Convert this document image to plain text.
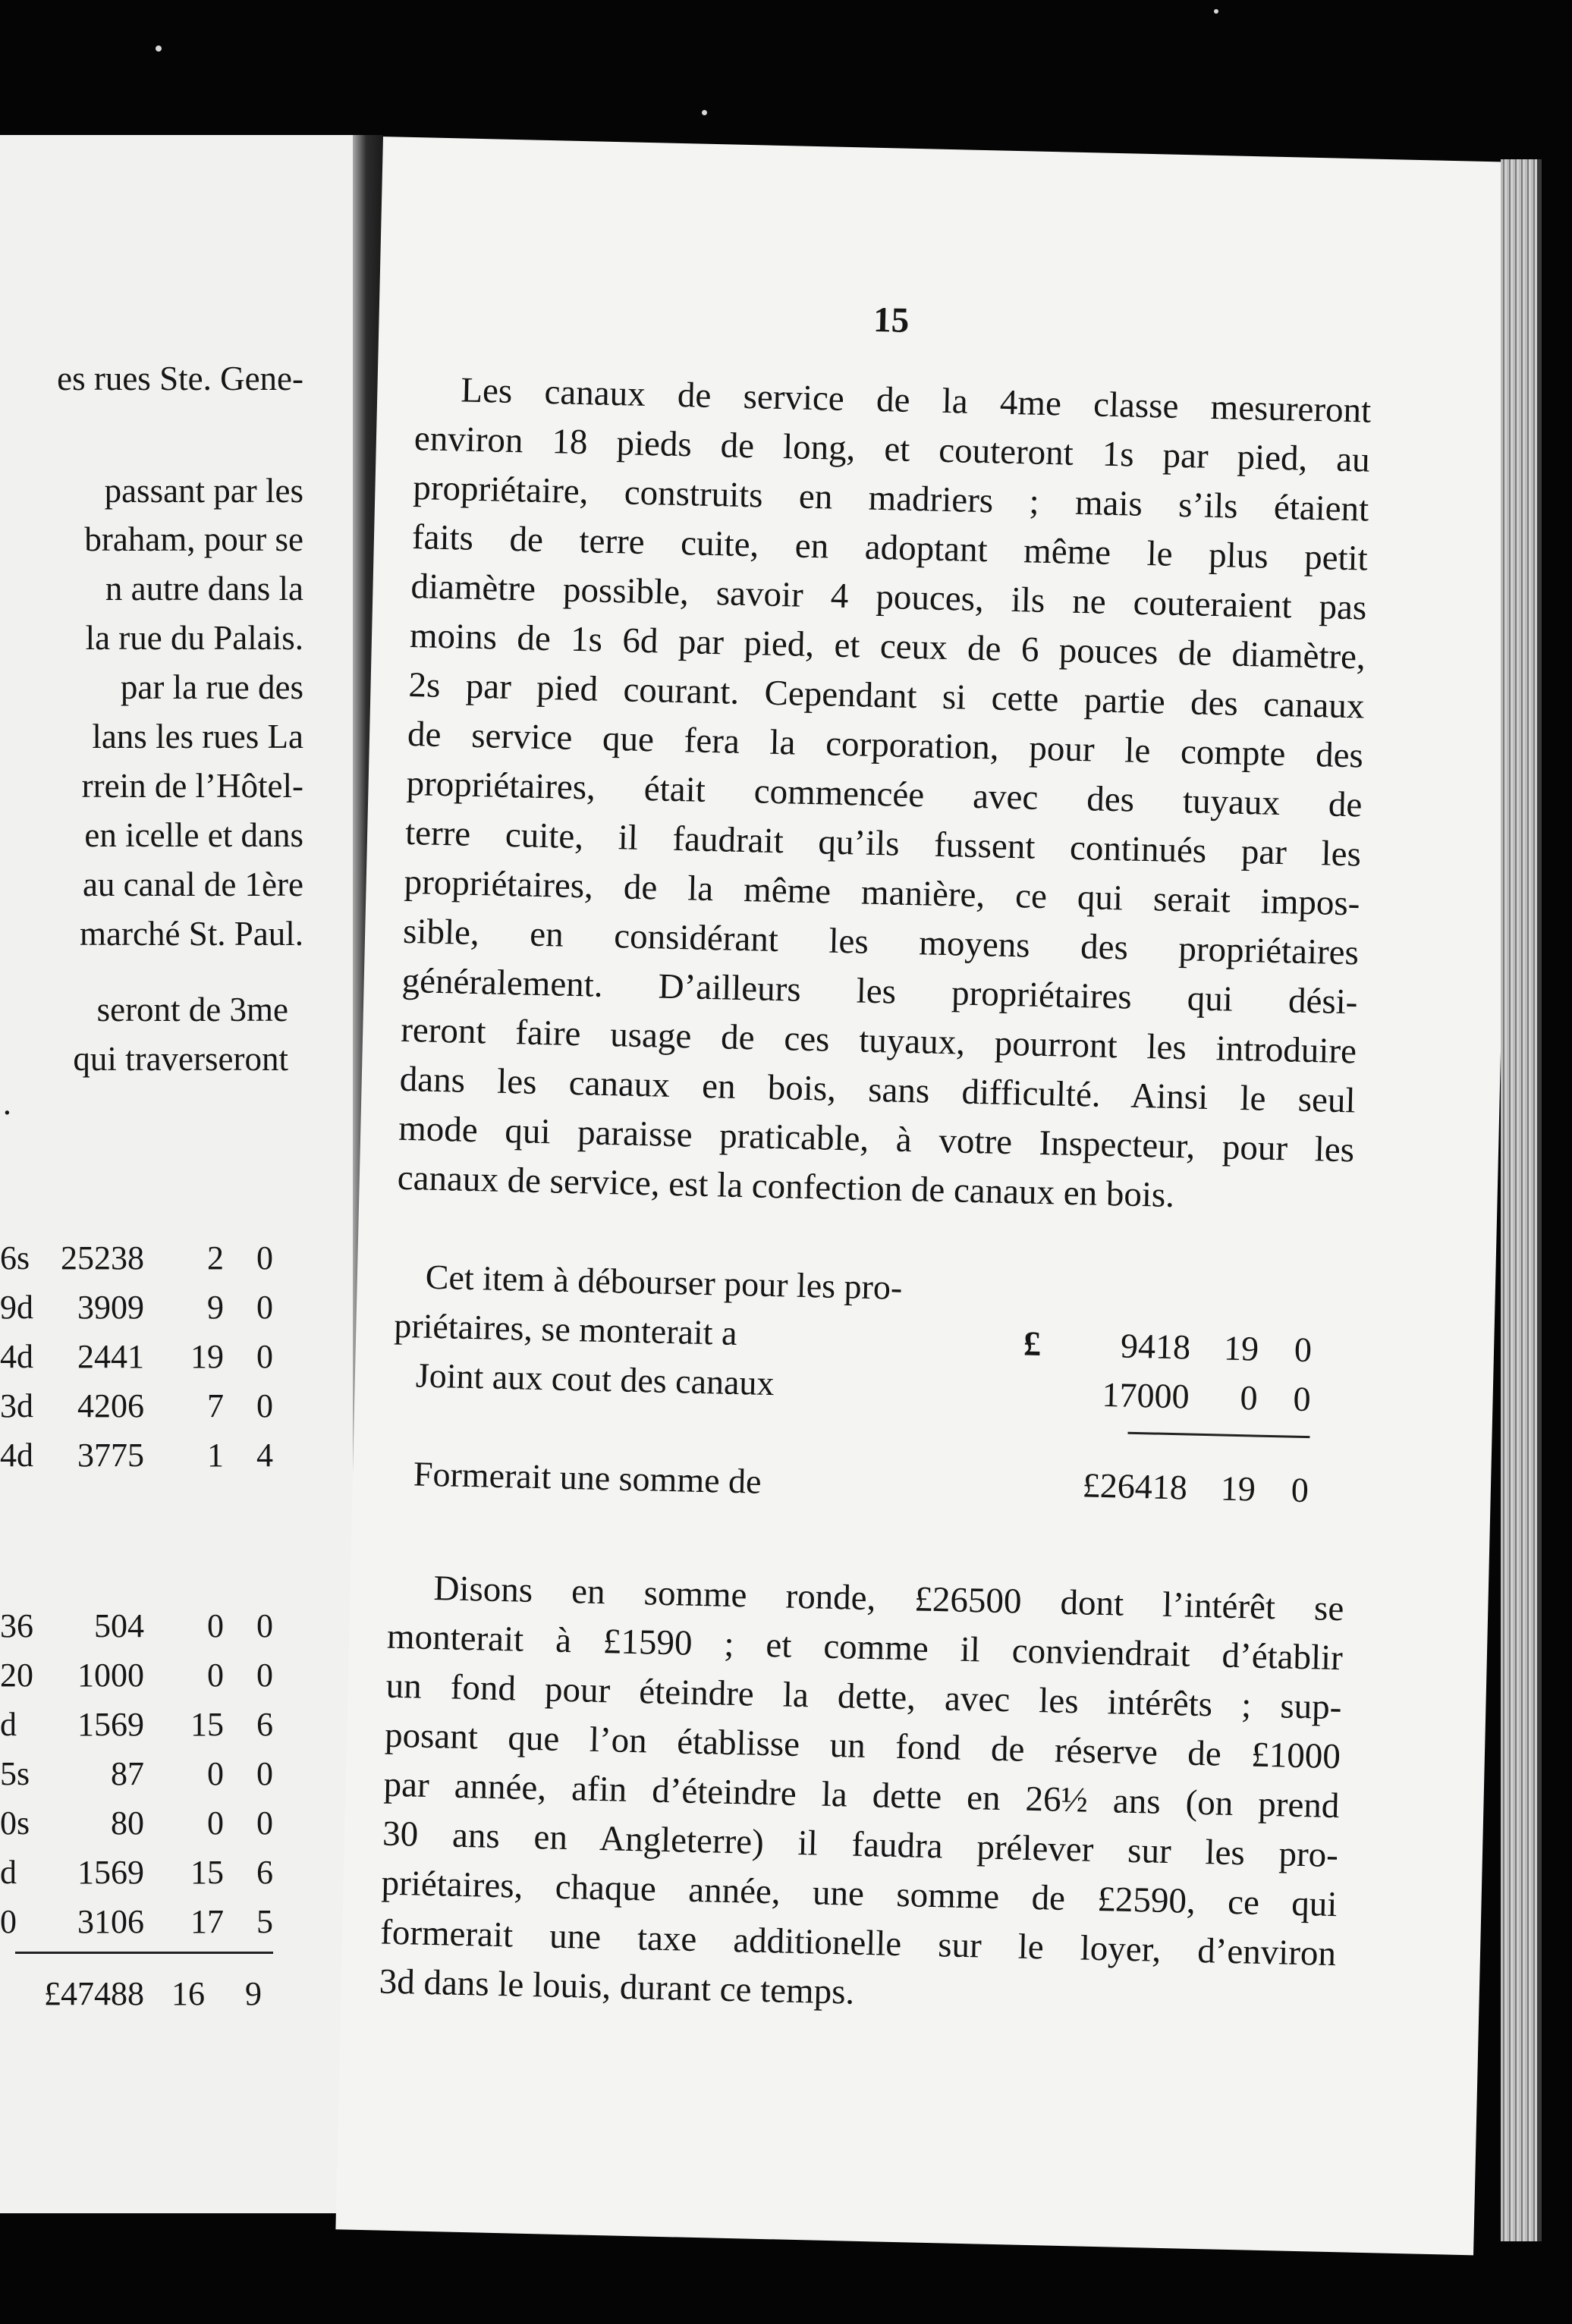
es rues Ste. Gene-
passant par les
braham, pour se
n autre dans la
la rue du Palais.
par la rue des
lans les rues La
rrein de l’Hôtel-
en icelle et dans
au canal de 1ère
marché St. Paul.
seront de 3me
qui traverseront
.
6s 25238	2 0
9d	3909	9 0
4d	2441	19 0
3d	4206	7 0
4d	3775	1 4
36	504	0 0
20	1000	0 0
d	1569	15 6
5s	87	0 0
0s	80	0 0
d	1569	15 6
0	3106	17 5
£47488 16	9
15
Les canaux de service de la 4me classe mesureront
environ 18 pieds de long, et couteront 1s par pied, au
propriétaire, construits en madriers ; mais s’ils étaient
faits de terre cuite, en adoptant même le plus petit
diamètre possible, savoir 4 pouces, ils ne couteraient pas
moins de 1s 6d par pied, et ceux de 6 pouces de diamètre,
2s par pied courant. Cependant si cette partie des canaux
de service que fera la corporation, pour le compte des
propriétaires, était commencée avec des tuyaux de
terre cuite, il faudrait qu’ils fussent continués par les
propriétaires, de la même manière, ce qui serait impos-
sible, en considérant les moyens des propriétaires
généralement. D’ailleurs les propriétaires qui dési-
reront faire usage de ces tuyaux, pourront les introduire
dans les canaux en bois, sans difficulté. Ainsi le seul
mode qui paraisse praticable, à votre Inspecteur, pour les
canaux de service, est la confection de canaux en bois.
Cet item à débourser pour les pro-
priétaires, se monterait a
Joint aux cout des canaux
Formerait une somme de
£	9418 19 0
17000	0 0
£26418 19 0
Disons en somme ronde, £26500 dont l’intérêt se
monterait à £1590 ; et comme il conviendrait d’établir
un fond pour éteindre la dette, avec les intérêts ; sup-
posant que l’on établisse un fond de réserve de £1000
par année, afin d’éteindre la dette en 26½ ans (on prend
30 ans en Angleterre) il faudra prélever sur les pro-
priétaires, chaque année, une somme de £2590, ce qui
formerait une taxe additionelle sur le loyer, d’environ
3d dans le louis, durant ce temps.
